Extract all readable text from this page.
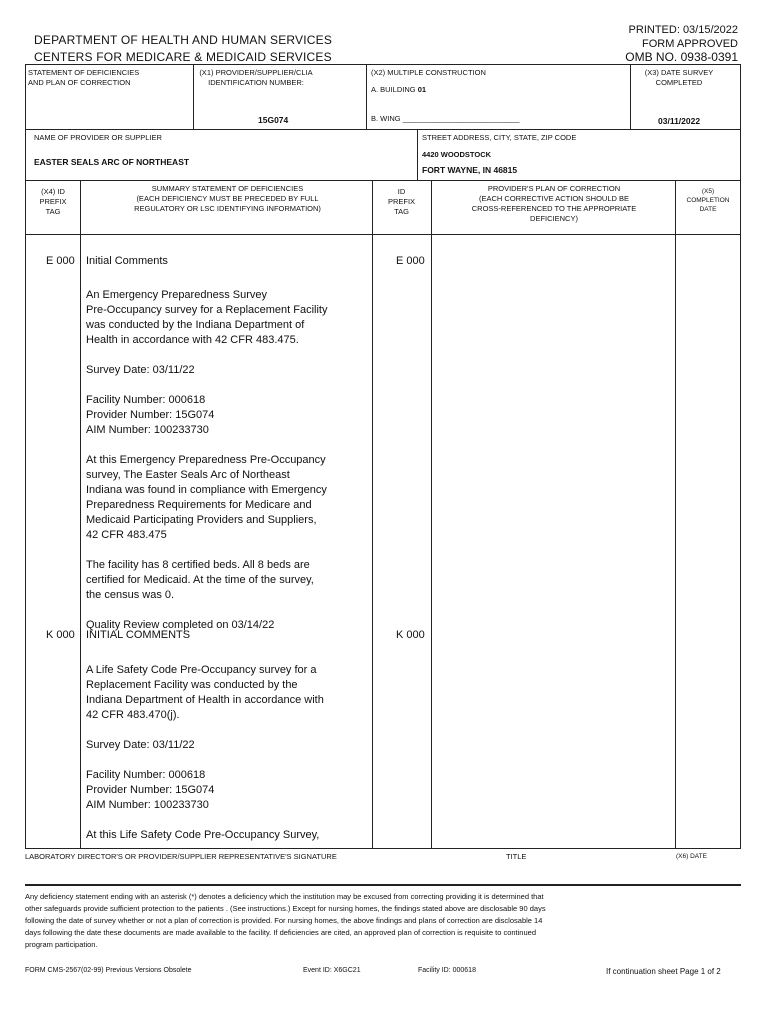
DEPARTMENT OF HEALTH AND HUMAN SERVICES
CENTERS FOR MEDICARE & MEDICAID SERVICES
PRINTED: 03/15/2022
FORM APPROVED
OMB NO. 0938-0391
STATEMENT OF DEFICIENCIES
AND PLAN OF CORRECTION
(X1) PROVIDER/SUPPLIER/CLIA
IDENTIFICATION NUMBER:
15G074
(X2) MULTIPLE CONSTRUCTION
A. BUILDING 01
B. WING ____________________________
(X3) DATE SURVEY
COMPLETED
03/11/2022
NAME OF PROVIDER OR SUPPLIER
EASTER SEALS ARC OF NORTHEAST
STREET ADDRESS, CITY, STATE, ZIP CODE
4420 WOODSTOCK
FORT WAYNE, IN 46815
(X4) ID
PREFIX
TAG
SUMMARY STATEMENT OF DEFICIENCIES
(EACH DEFICIENCY MUST BE PRECEDED BY FULL
REGULATORY OR LSC IDENTIFYING INFORMATION)
ID
PREFIX
TAG
PROVIDER'S PLAN OF CORRECTION
(EACH CORRECTIVE ACTION SHOULD BE
CROSS-REFERENCED TO THE APPROPRIATE
DEFICIENCY)
(X5)
COMPLETION
DATE
E 000 Initial Comments	E 000
An Emergency Preparedness Survey
Pre-Occupancy survey for a Replacement Facility
was conducted by the Indiana Department of
Health in accordance with 42 CFR 483.475.

Survey Date: 03/11/22

Facility Number: 000618
Provider Number: 15G074
AIM Number: 100233730

At this Emergency Preparedness Pre-Occupancy
survey, The Easter Seals Arc of Northeast
Indiana was found in compliance with Emergency
Preparedness Requirements for Medicare and
Medicaid Participating Providers and Suppliers,
42 CFR 483.475

The facility has 8 certified beds. All 8 beds are
certified for Medicaid. At the time of the survey,
the census was 0.

Quality Review completed on 03/14/22
K 000 INITIAL COMMENTS	K 000
A Life Safety Code Pre-Occupancy survey for a
Replacement Facility was conducted by the
Indiana Department of Health in accordance with
42 CFR 483.470(j).

Survey Date: 03/11/22

Facility Number: 000618
Provider Number: 15G074
AIM Number: 100233730

At this Life Safety Code Pre-Occupancy Survey,
LABORATORY DIRECTOR'S OR PROVIDER/SUPPLIER REPRESENTATIVE'S SIGNATURE	TITLE	(X6) DATE
Any deficiency statement ending with an asterisk (*) denotes a deficiency which the institution may be excused from correcting providing it is determined that
other safeguards provide sufficient protection to the patients . (See instructions.) Except for nursing homes, the findings stated above are disclosable 90 days
following the date of survey whether or not a plan of correction is provided. For nursing homes, the above findings and plans of correction are disclosable 14
days following the date these documents are made available to the facility. If deficiencies are cited, an approved plan of correction is requisite to continued
program participation.
FORM CMS-2567(02-99) Previous Versions Obsolete	Event ID: X6GC21	Facility ID: 000618	If continuation sheet Page 1 of 2
